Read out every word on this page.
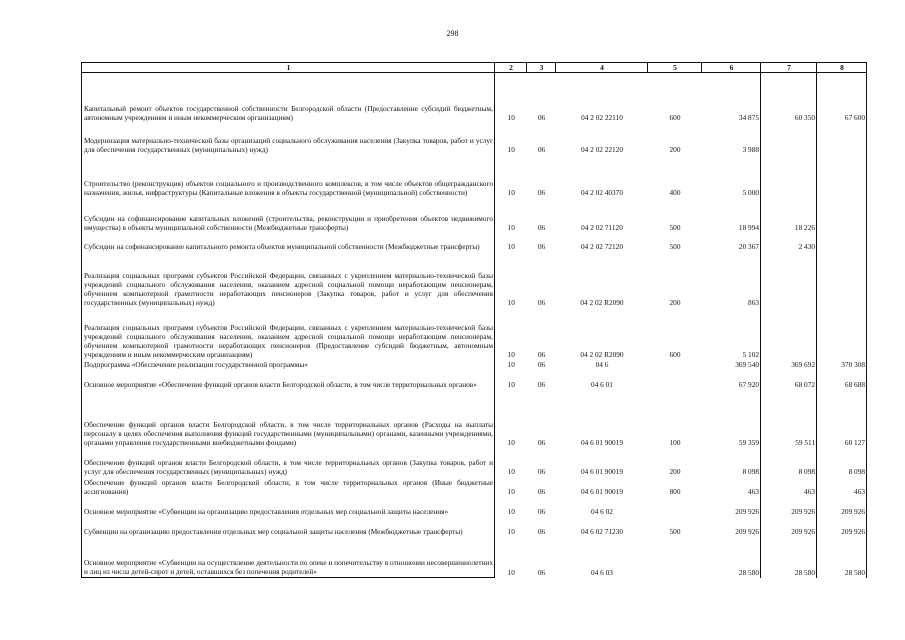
298
1	2	3	4	5	6	7	8
Капитальный ремонт объектов государственной собственности Белгородской области (Предоставление субсидий бюджетным, автономным учреждениям и иным некоммерческим организациям)	10	06	04 2 02 22110	600	34 875	60 350	67 600
Модернизация материально-технической базы организаций социального обслуживания населения (Закупка товаров, работ и услуг для обеспечения государственных (муниципальных) нужд)	10	06	04 2 02 22120	200	3 988		
Строительство (реконструкция) объектов социального и производственного комплексов, в том числе объектов общегражданского назначения, жилья, инфраструктуры (Капитальные вложения в объекты государственной (муниципальной) собственности)	10	06	04 2 02 40370	400	5 000		
Субсидии на софинансирование капитальных вложений (строительства, реконструкции и приобретения объектов недвижимого имущества) в объекты муниципальной собственности (Межбюджетные трансферты)	10	06	04 2 02 71120	500	18 994	18 226	
Субсидии на софинансирование капитального ремонта объектов муниципальной собственности (Межбюджетные трансферты)	10	06	04 2 02 72120	500	20 367	2 430	
Реализация социальных программ субъектов Российской Федерации, связанных с укреплением материально-технической базы учреждений социального обслуживания населения, оказанием адресной социальной помощи неработающим пенсионерам, обучением компьютерной грамотности неработающих пенсионеров (Закупка товаров, работ и услуг для обеспечения государственных (муниципальных) нужд)	10	06	04 2 02 R2090	200	863		
Реализация социальных программ субъектов Российской Федерации, связанных с укреплением материально-технической базы учреждений социального обслуживания населения, оказанием адресной социальной помощи неработающим пенсионерам, обучением компьютерной грамотности неработающих пенсионеров (Предоставление субсидий бюджетным, автономным учреждениям и иным некоммерческим организациям)	10	06	04 2 02 R2090	600	5 102		
Подпрограмма «Обеспечение реализации государственной программы»	10	06	04 6		369 540	369 692	370 308
Основное мероприятие «Обеспечение функций органов власти Белгородской области, в том числе территориальных органов»	10	06	04 6 01		67 920	68 072	68 688
Обеспечение функций органов власти Белгородской области, в том числе территориальных органов (Расходы на выплаты персоналу в целях обеспечения выполнения функций государственными (муниципальными) органами, казенными учреждениями, органами управления государственными внебюджетными фондами)	10	06	04 6 01 90019	100	59 359	59 511	60 127
Обеспечение функций органов власти Белгородской области, в том числе территориальных органов (Закупка товаров, работ и услуг для обеспечения государственных (муниципальных) нужд)	10	06	04 6 01 90019	200	8 098	8 098	8 098
Обеспечение функций органов власти Белгородской области, в том числе территориальных органов (Иные бюджетные ассигнования)	10	06	04 6 01 90019	800	463	463	463
Основное мероприятие «Субвенции на организацию предоставления отдельных мер социальной защиты населения»	10	06	04 6 02		209 926	209 926	209 926
Субвенции на организацию предоставления отдельных мер социальной защиты населения (Межбюджетные трансферты)	10	06	04 6 02 71230	500	209 926	209 926	209 926
Основное мероприятие «Субвенции на осуществление деятельности по опеке и попечительству в отношении несовершеннолетних и лиц из числа детей-сирот и детей, оставшихся без попечения родителей»	10	06	04 6 03		28 580	28 580	28 580
